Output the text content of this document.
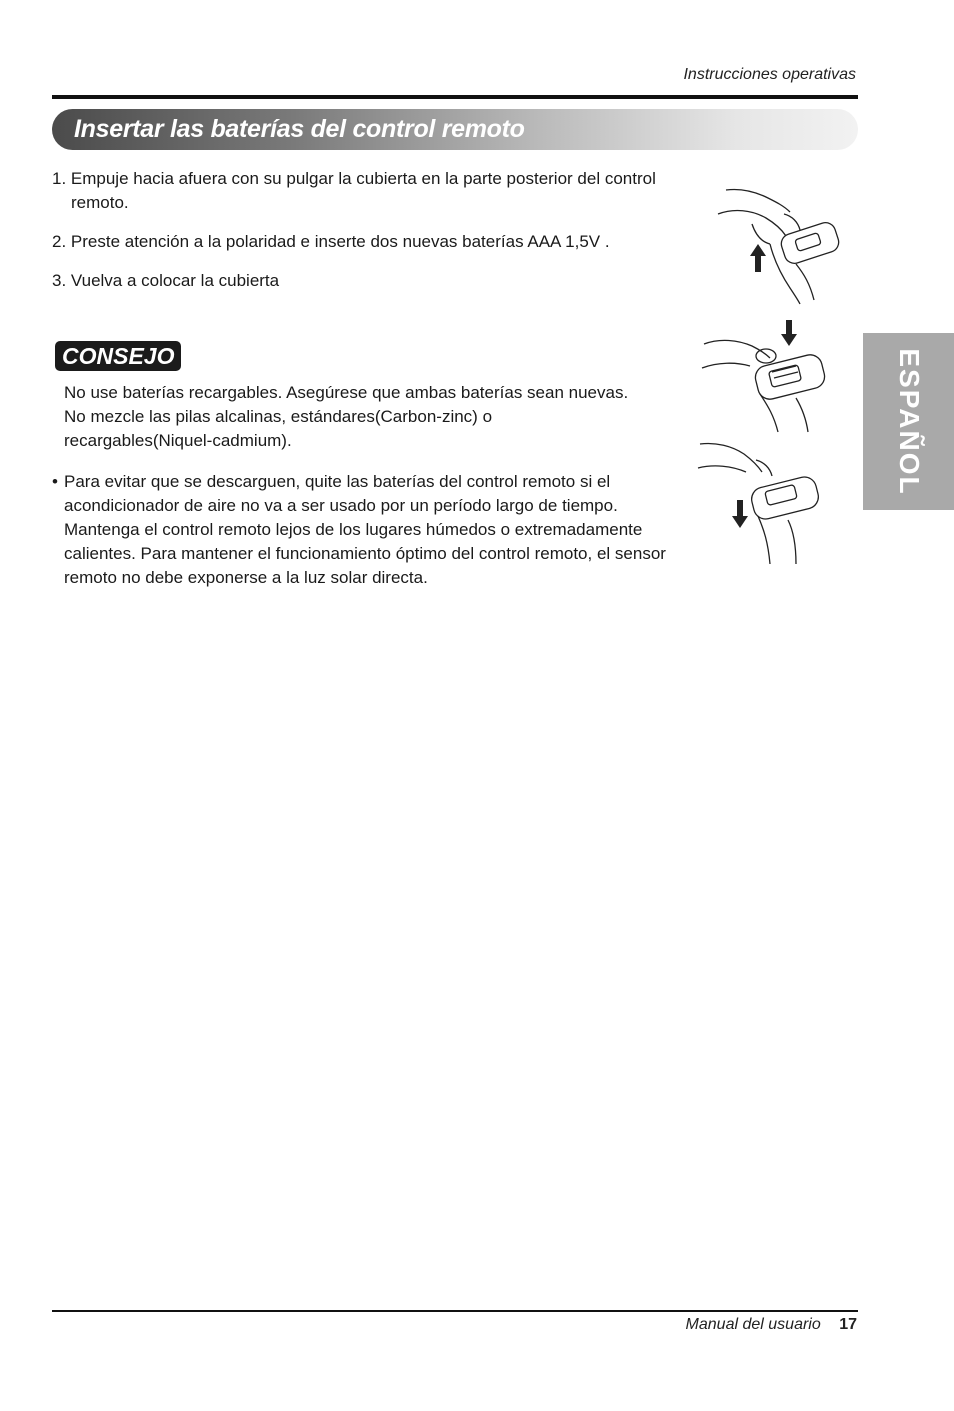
Instrucciones operativas
Insertar las baterías del control remoto
1. Empuje hacia afuera con su pulgar la cubierta en la parte posterior del control remoto.
2. Preste atención a la polaridad e inserte dos nuevas baterías AAA 1,5V .
3. Vuelva a colocar la cubierta
CONSEJO
No use baterías recargables. Asegúrese que ambas baterías sean nuevas.
No mezcle las pilas alcalinas, estándares(Carbon-zinc) o
recargables(Niquel-cadmium).
• Para evitar que se descarguen, quite las baterías del control remoto si el acondicionador de aire no va a ser usado por un período largo de tiempo. Mantenga el control remoto lejos de los lugares húmedos o extremadamente calientes. Para mantener el funcionamiento óptimo del control remoto, el sensor remoto no debe exponerse a la luz solar directa.
ESPAÑOL
Manual del usuario 17
